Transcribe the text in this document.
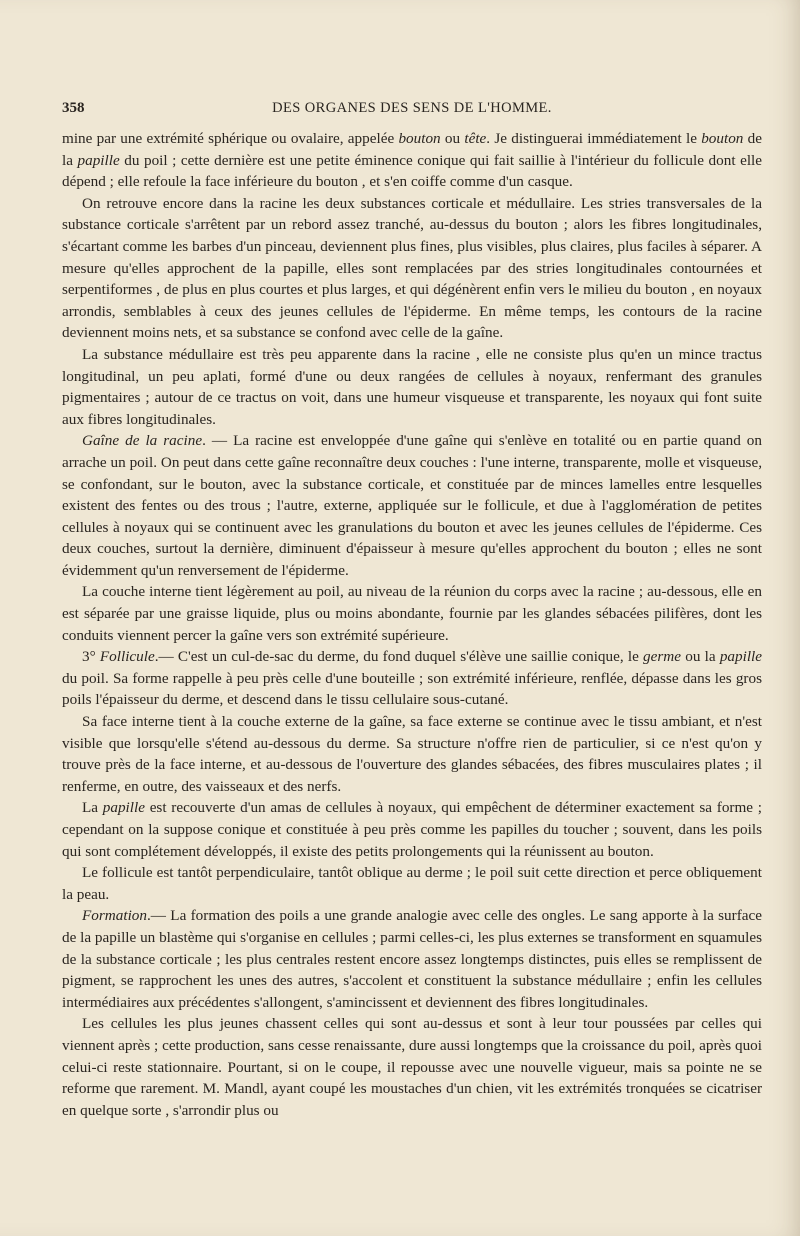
358	DES ORGANES DES SENS DE L'HOMME.

mine par une extrémité sphérique ou ovalaire, appelée bouton ou tête. Je distinguerai immédiatement le bouton de la papille du poil ; cette dernière est une petite éminence conique qui fait saillie à l'intérieur du follicule dont elle dépend ; elle refoule la face inférieure du bouton , et s'en coiffe comme d'un casque.

On retrouve encore dans la racine les deux substances corticale et médullaire. Les stries transversales de la substance corticale s'arrêtent par un rebord assez tranché, au-dessus du bouton ; alors les fibres longitudinales, s'écartant comme les barbes d'un pinceau, deviennent plus fines, plus visibles, plus claires, plus faciles à séparer. A mesure qu'elles approchent de la papille, elles sont remplacées par des stries longitudinales contournées et serpentiformes , de plus en plus courtes et plus larges, et qui dégénèrent enfin vers le milieu du bouton , en noyaux arrondis, semblables à ceux des jeunes cellules de l'épiderme. En même temps, les contours de la racine deviennent moins nets, et sa substance se confond avec celle de la gaîne.

La substance médullaire est très peu apparente dans la racine , elle ne consiste plus qu'en un mince tractus longitudinal, un peu aplati, formé d'une ou deux rangées de cellules à noyaux, renfermant des granules pigmentaires ; autour de ce tractus on voit, dans une humeur visqueuse et transparente, les noyaux qui font suite aux fibres longitudinales.

Gaîne de la racine. — La racine est enveloppée d'une gaîne qui s'enlève en totalité ou en partie quand on arrache un poil. On peut dans cette gaîne reconnaître deux couches : l'une interne, transparente, molle et visqueuse, se confondant, sur le bouton, avec la substance corticale, et constituée par de minces lamelles entre lesquelles existent des fentes ou des trous ; l'autre, externe, appliquée sur le follicule, et due à l'agglomération de petites cellules à noyaux qui se continuent avec les granulations du bouton et avec les jeunes cellules de l'épiderme. Ces deux couches, surtout la dernière, diminuent d'épaisseur à mesure qu'elles approchent du bouton ; elles ne sont évidemment qu'un renversement de l'épiderme.

La couche interne tient légèrement au poil, au niveau de la réunion du corps avec la racine ; au-dessous, elle en est séparée par une graisse liquide, plus ou moins abondante, fournie par les glandes sébacées pilifères, dont les conduits viennent percer la gaîne vers son extrémité supérieure.

3° Follicule.— C'est un cul-de-sac du derme, du fond duquel s'élève une saillie conique, le germe ou la papille du poil. Sa forme rappelle à peu près celle d'une bouteille ; son extrémité inférieure, renflée, dépasse dans les gros poils l'épaisseur du derme, et descend dans le tissu cellulaire sous-cutané.

Sa face interne tient à la couche externe de la gaîne, sa face externe se continue avec le tissu ambiant, et n'est visible que lorsqu'elle s'étend au-dessous du derme. Sa structure n'offre rien de particulier, si ce n'est qu'on y trouve près de la face interne, et au-dessous de l'ouverture des glandes sébacées, des fibres musculaires plates ; il renferme, en outre, des vaisseaux et des nerfs.

La papille est recouverte d'un amas de cellules à noyaux, qui empêchent de déterminer exactement sa forme ; cependant on la suppose conique et constituée à peu près comme les papilles du toucher ; souvent, dans les poils qui sont complétement développés, il existe des petits prolongements qui la réunissent au bouton.

Le follicule est tantôt perpendiculaire, tantôt oblique au derme ; le poil suit cette direction et perce obliquement la peau.

Formation.— La formation des poils a une grande analogie avec celle des ongles. Le sang apporte à la surface de la papille un blastème qui s'organise en cellules ; parmi celles-ci, les plus externes se transforment en squamules de la substance corticale ; les plus centrales restent encore assez longtemps distinctes, puis elles se remplissent de pigment, se rapprochent les unes des autres, s'accolent et constituent la substance médullaire ; enfin les cellules intermédiaires aux précédentes s'allongent, s'amincissent et deviennent des fibres longitudinales.

Les cellules les plus jeunes chassent celles qui sont au-dessus et sont à leur tour poussées par celles qui viennent après ; cette production, sans cesse renaissante, dure aussi longtemps que la croissance du poil, après quoi celui-ci reste stationnaire. Pourtant, si on le coupe, il repousse avec une nouvelle vigueur, mais sa pointe ne se reforme que rarement. M. Mandl, ayant coupé les moustaches d'un chien, vit les extrémités tronquées se cicatriser en quelque sorte , s'arrondir plus ou
